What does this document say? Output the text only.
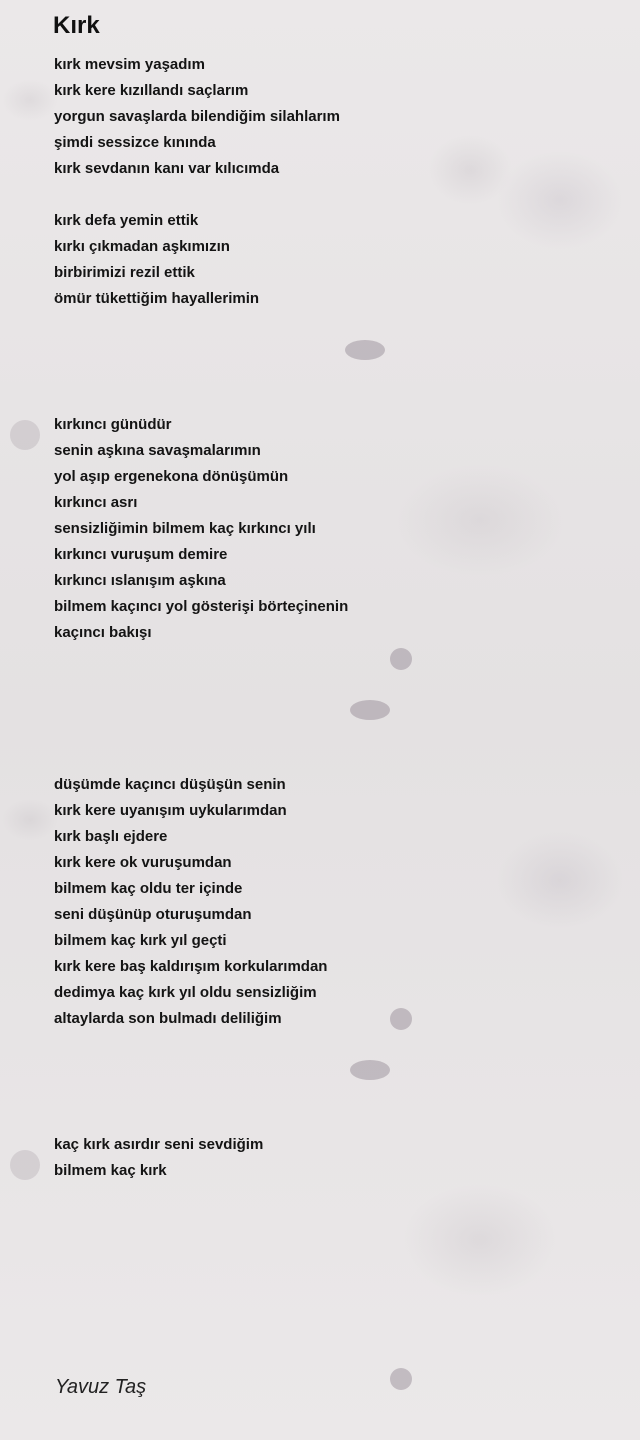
Kırk
kırk mevsim yaşadım
kırk kere kızıllandı saçlarım
yorgun savaşlarda bilendiğim silahlarım
şimdi sessizce kınında
kırk sevdanın kanı var kılıcımda
kırk defa yemin ettik
kırkı çıkmadan aşkımızın
birbirimizi rezil ettik
ömür tükettiğim hayallerimin
kırkıncı günüdür
senin aşkına savaşmalarımın
yol aşıp ergenekona dönüşümün
kırkıncı asrı
sensizliğimin bilmem kaç kırkıncı yılı
kırkıncı vuruşum demire
kırkıncı ıslanışım aşkına
bilmem kaçıncı yol gösterişi börteçinenin
kaçıncı bakışı
düşümde kaçıncı düşüşün senin
kırk kere uyanışım uykularımdan
kırk başlı ejdere
kırk kere ok vuruşumdan
bilmem kaç oldu ter içinde
seni düşünüp oturuşumdan
bilmem kaç kırk yıl geçti
kırk kere baş kaldırışım korkularımdan
dedimya kaç kırk yıl oldu sensizliğim
altaylarda son bulmadı deliliğim
kaç kırk asırdır seni sevdiğim
bilmem kaç kırk
Yavuz Taş
